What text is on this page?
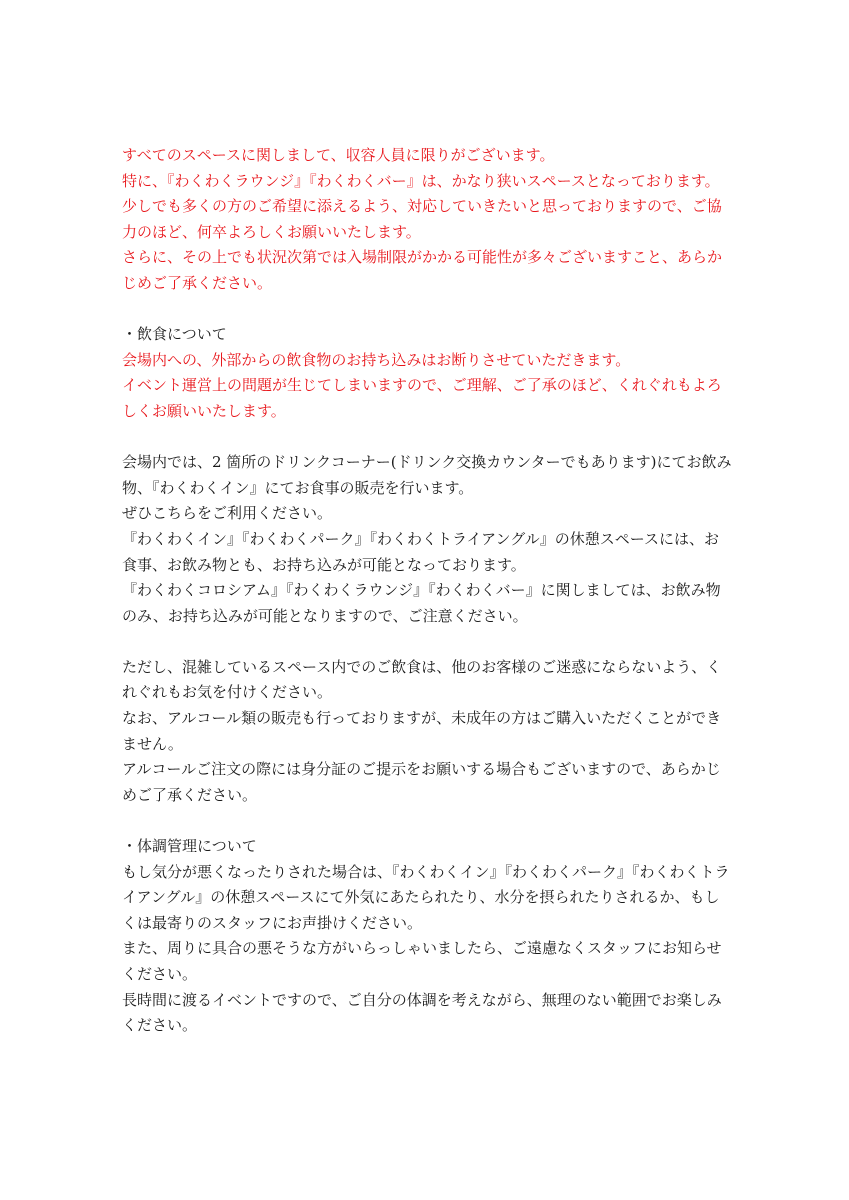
すべてのスペースに関しまして、収容人員に限りがございます。
特に、『わくわくラウンジ』『わくわくバー』は、かなり狭いスペースとなっております。
少しでも多くの方のご希望に添えるよう、対応していきたいと思っておりますので、ご協
力のほど、何卒よろしくお願いいたします。
さらに、その上でも状況次第では入場制限がかかる可能性が多々ございますこと、あらか
じめご了承ください。
・飲食について
会場内への、外部からの飲食物のお持ち込みはお断りさせていただきます。
イベント運営上の問題が生じてしまいますので、ご理解、ご了承のほど、くれぐれもよろ
しくお願いいたします。
会場内では、2 箇所のドリンクコーナー(ドリンク交換カウンターでもあります)にてお飲み
物、『わくわくイン』にてお食事の販売を行います。
ぜひこちらをご利用ください。
『わくわくイン』『わくわくパーク』『わくわくトライアングル』の休憩スペースには、お
食事、お飲み物とも、お持ち込みが可能となっております。
『わくわくコロシアム』『わくわくラウンジ』『わくわくバー』に関しましては、お飲み物
のみ、お持ち込みが可能となりますので、ご注意ください。
ただし、混雑しているスペース内でのご飲食は、他のお客様のご迷惑にならないよう、く
れぐれもお気を付けください。
なお、アルコール類の販売も行っておりますが、未成年の方はご購入いただくことができ
ません。
アルコールご注文の際には身分証のご提示をお願いする場合もございますので、あらかじ
めご了承ください。
・体調管理について
もし気分が悪くなったりされた場合は、『わくわくイン』『わくわくパーク』『わくわくトラ
イアングル』の休憩スペースにて外気にあたられたり、水分を摂られたりされるか、もし
くは最寄りのスタッフにお声掛けください。
また、周りに具合の悪そうな方がいらっしゃいましたら、ご遠慮なくスタッフにお知らせ
ください。
長時間に渡るイベントですので、ご自分の体調を考えながら、無理のない範囲でお楽しみ
ください。
